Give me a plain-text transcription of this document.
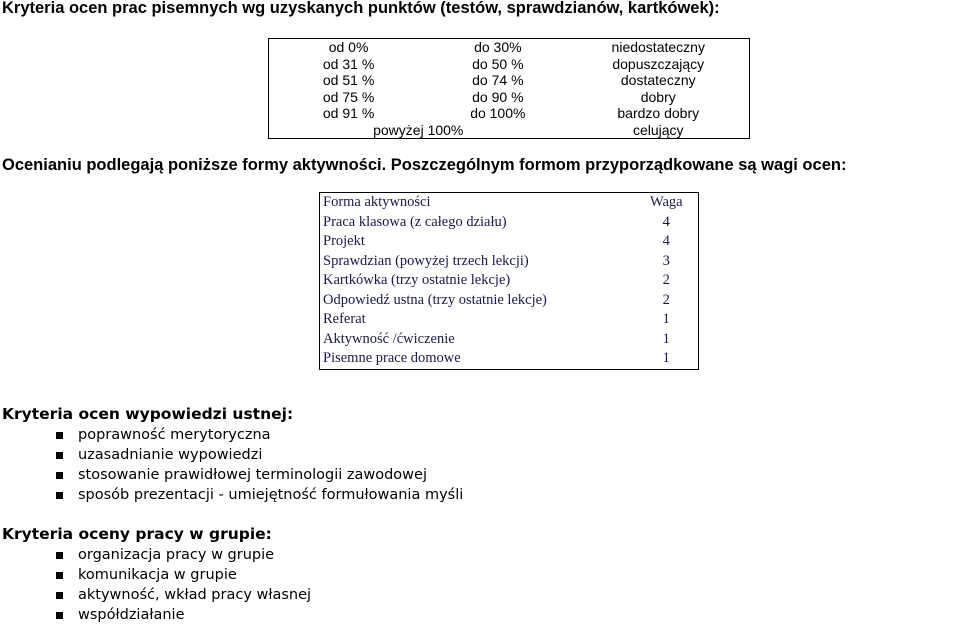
Kryteria ocen prac pisemnych wg uzyskanych punktów (testów, sprawdzianów, kartkówek):
od 0%	do 30%	niedostateczny
od 31 %	do 50 %	dopuszczający
od 51 %	do 74 %	dostateczny
od 75 %	do 90 %	dobry
od 91 %	do 100%	bardzo dobry
powyżej 100%		celujący
Ocenianiu podlegają poniższe formy aktywności. Poszczególnym formom przyporządkowane są wagi ocen:
Forma aktywności	Waga
Praca klasowa (z całego działu)	4
Projekt	4
Sprawdzian (powyżej trzech lekcji)	3
Kartkówka (trzy ostatnie lekcje)	2
Odpowiedź ustna (trzy ostatnie lekcje)	2
Referat	1
Aktywność /ćwiczenie	1
Pisemne prace domowe	1
Kryteria ocen wypowiedzi ustnej:
poprawność merytoryczna
uzasadnianie wypowiedzi
stosowanie prawidłowej terminologii zawodowej
sposób prezentacji - umiejętność formułowania myśli
Kryteria oceny pracy w grupie:
organizacja pracy w grupie
komunikacja w grupie
aktywność, wkład pracy własnej
współdziałanie
